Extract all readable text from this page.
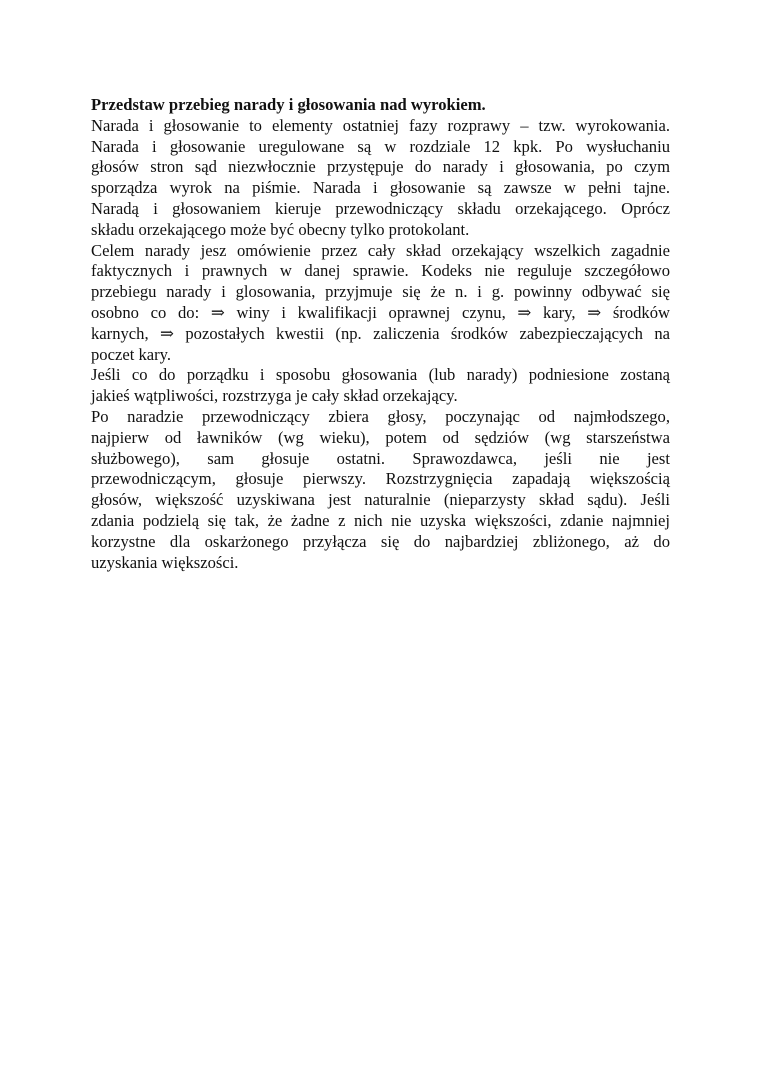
Przedstaw przebieg narady i głosowania nad wyrokiem.

Narada i głosowanie to elementy ostatniej fazy rozprawy – tzw. wyrokowania.
Narada i głosowanie uregulowane są w rozdziale 12 kpk. Po wysłuchaniu
głosów stron sąd niezwłocznie przystępuje do narady i głosowania, po czym
sporządza wyrok na piśmie. Narada i głosowanie są zawsze w pełni tajne.
Naradą i głosowaniem kieruje przewodniczący składu orzekającego. Oprócz
składu orzekającego może być obecny tylko protokolant.
Celem narady jesz omówienie przez cały skład orzekający wszelkich zagadnie
faktycznych i prawnych w danej sprawie. Kodeks nie reguluje szczegółowo
przebiegu narady i glosowania, przyjmuje się że n. i g. powinny odbywać się
osobno co do: ⇒ winy i kwalifikacji oprawnej czynu, ⇒ kary, ⇒ środków
karnych, ⇒ pozostałych kwestii (np. zaliczenia środków zabezpieczających na
poczet kary.
Jeśli co do porządku i sposobu głosowania (lub narady) podniesione zostaną
jakieś wątpliwości, rozstrzyga je cały skład orzekający.
Po naradzie przewodniczący zbiera głosy, poczynając od najmłodszego,
najpierw od ławników (wg wieku), potem od sędziów (wg starszeństwa
służbowego), sam głosuje ostatni. Sprawozdawca, jeśli nie jest
przewodniczącym, głosuje pierwszy. Rozstrzygnięcia zapadają większością
głosów, większość uzyskiwana jest naturalnie (nieparzysty skład sądu). Jeśli
zdania podzielą się tak, że żadne z nich nie uzyska większości, zdanie najmniej
korzystne dla oskarżonego przyłącza się do najbardziej zbliżonego, aż do
uzyskania większości.
